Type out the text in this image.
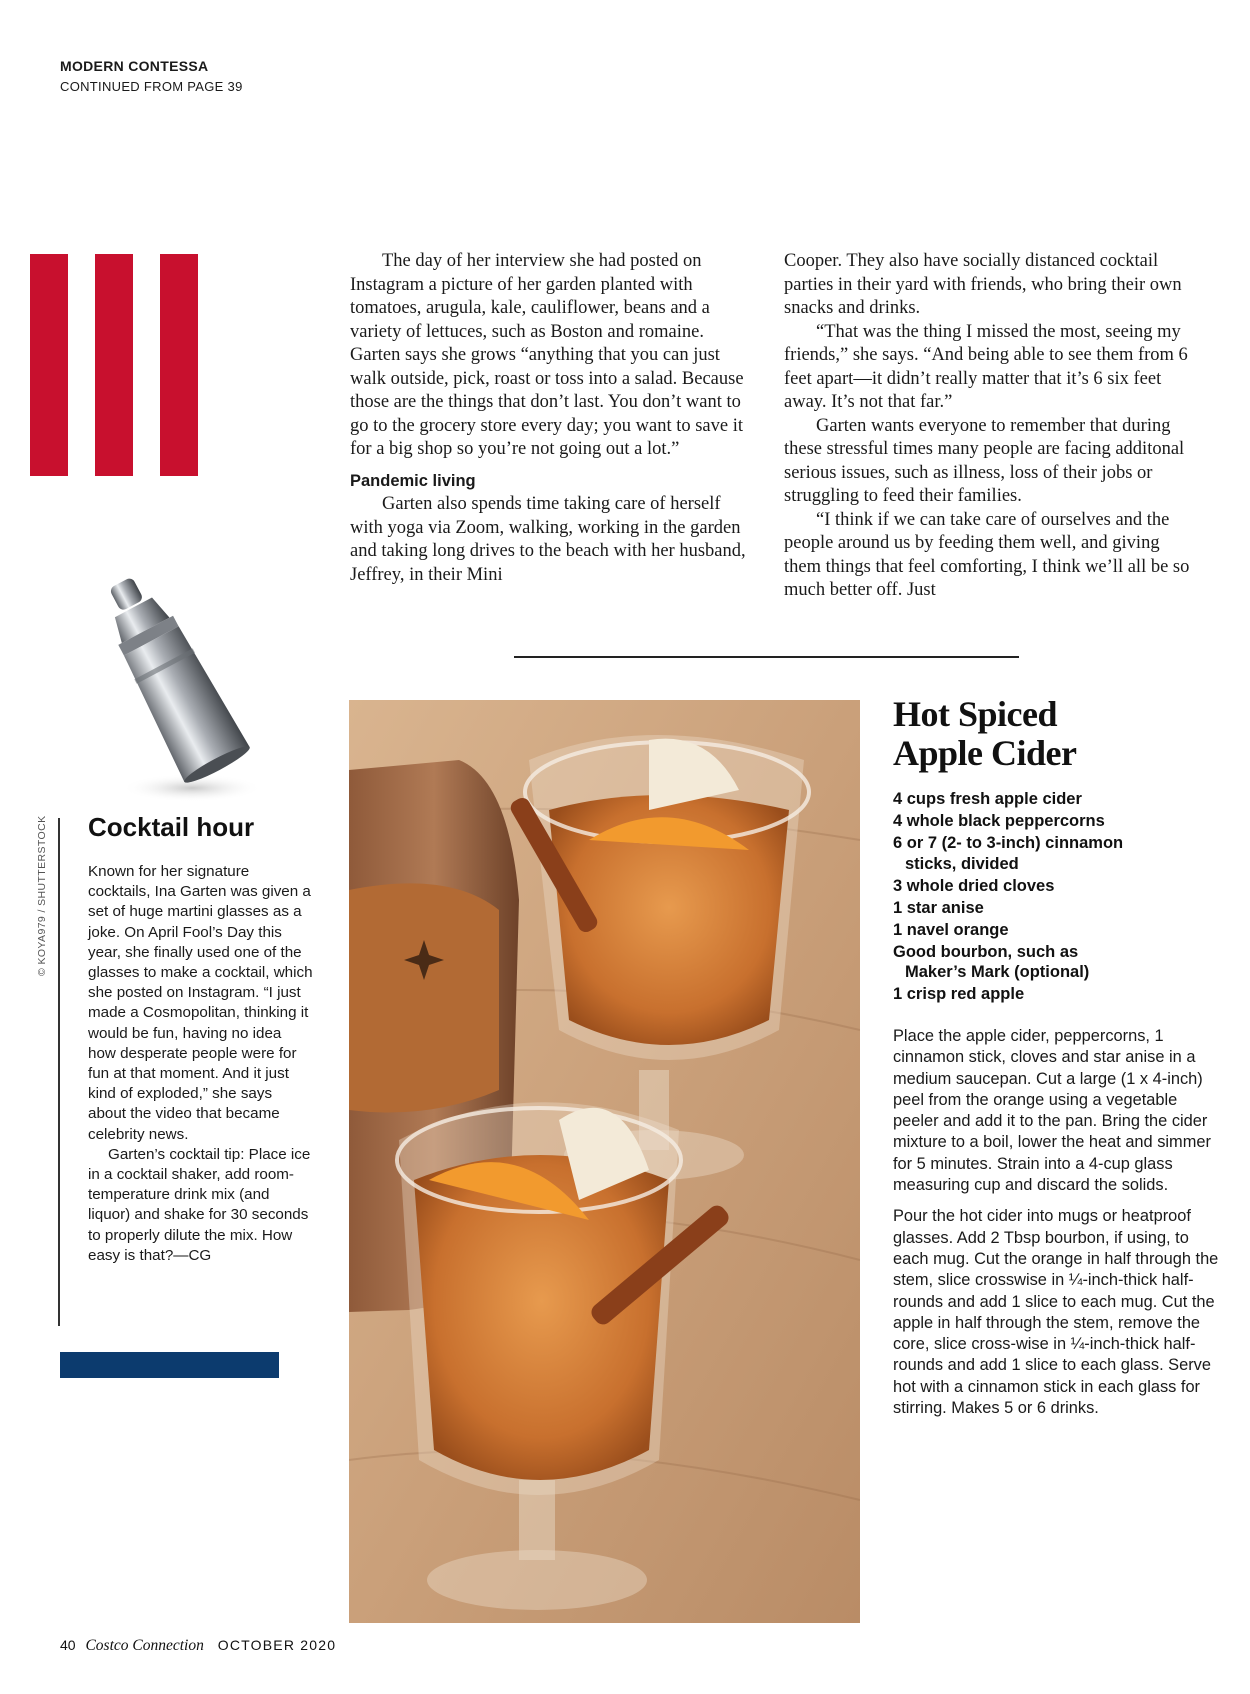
MODERN CONTESSA
CONTINUED FROM PAGE 39

The day of her interview she had posted on Instagram a picture of her garden planted with tomatoes, arugula, kale, cauliflower, beans and a variety of lettuces, such as Boston and romaine. Garten says she grows “anything that you can just walk outside, pick, roast or toss into a salad. Because those are the things that don’t last. You don’t want to go to the grocery store every day; you want to save it for a big shop so you’re not going out a lot.”

Pandemic living

Garten also spends time taking care of herself with yoga via Zoom, walking, working in the garden and taking long drives to the beach with her husband, Jeffrey, in their Mini

Cooper. They also have socially distanced cocktail parties in their yard with friends, who bring their own snacks and drinks.

“That was the thing I missed the most, seeing my friends,” she says. “And being able to see them from 6 feet apart—it didn’t really matter that it’s 6 six feet away. It’s not that far.”

Garten wants everyone to remember that during these stressful times many people are facing additonal serious issues, such as illness, loss of their jobs or struggling to feed their families.

“I think if we can take care of ourselves and the people around us by feeding them well, and giving them things that feel comforting, I think we’ll all be so much better off. Just

© KOYA979 / SHUTTERSTOCK Cocktail hour

Known for her signature cocktails, Ina Garten was given a set of huge martini glasses as a joke. On April Fool’s Day this year, she finally used one of the glasses to make a cocktail, which she posted on Instagram. “I just made a Cosmopolitan, thinking it would be fun, having no idea how desperate people were for fun at that moment. And it just kind of exploded,” she says about the video that became celebrity news.

Garten’s cocktail tip: Place ice in a cocktail shaker, add room-temperature drink mix (and liquor) and shake for 30 seconds to properly dilute the mix. How easy is that?—CG

Hot Spiced
Apple Cider
4 cups fresh apple cider
4 whole black peppercorns
6 or 7 (2- to 3-inch) cinnamon
sticks, divided
3 whole dried cloves
1 star anise
1 navel orange
Good bourbon, such as
Maker’s Mark (optional)
1 crisp red apple

Place the apple cider, peppercorns, 1 cinnamon stick, cloves and star anise in a medium saucepan. Cut a large (1 x 4-inch) peel from the orange using a vegetable peeler and add it to the pan. Bring the cider mixture to a boil, lower the heat and simmer for 5 minutes. Strain into a 4-cup glass measuring cup and discard the solids.

Pour the hot cider into mugs or heatproof glasses. Add 2 Tbsp bourbon, if using, to each mug. Cut the orange in half through the stem, slice crosswise in ¼-inch-thick half-rounds and add 1 slice to each mug. Cut the apple in half through the stem, remove the core, slice cross-wise in ¼-inch-thick half-rounds and add 1 slice to each glass. Serve hot with a cinnamon stick in each glass for stirring. Makes 5 or 6 drinks.

40 Costco Connection OCTOBER 2020
